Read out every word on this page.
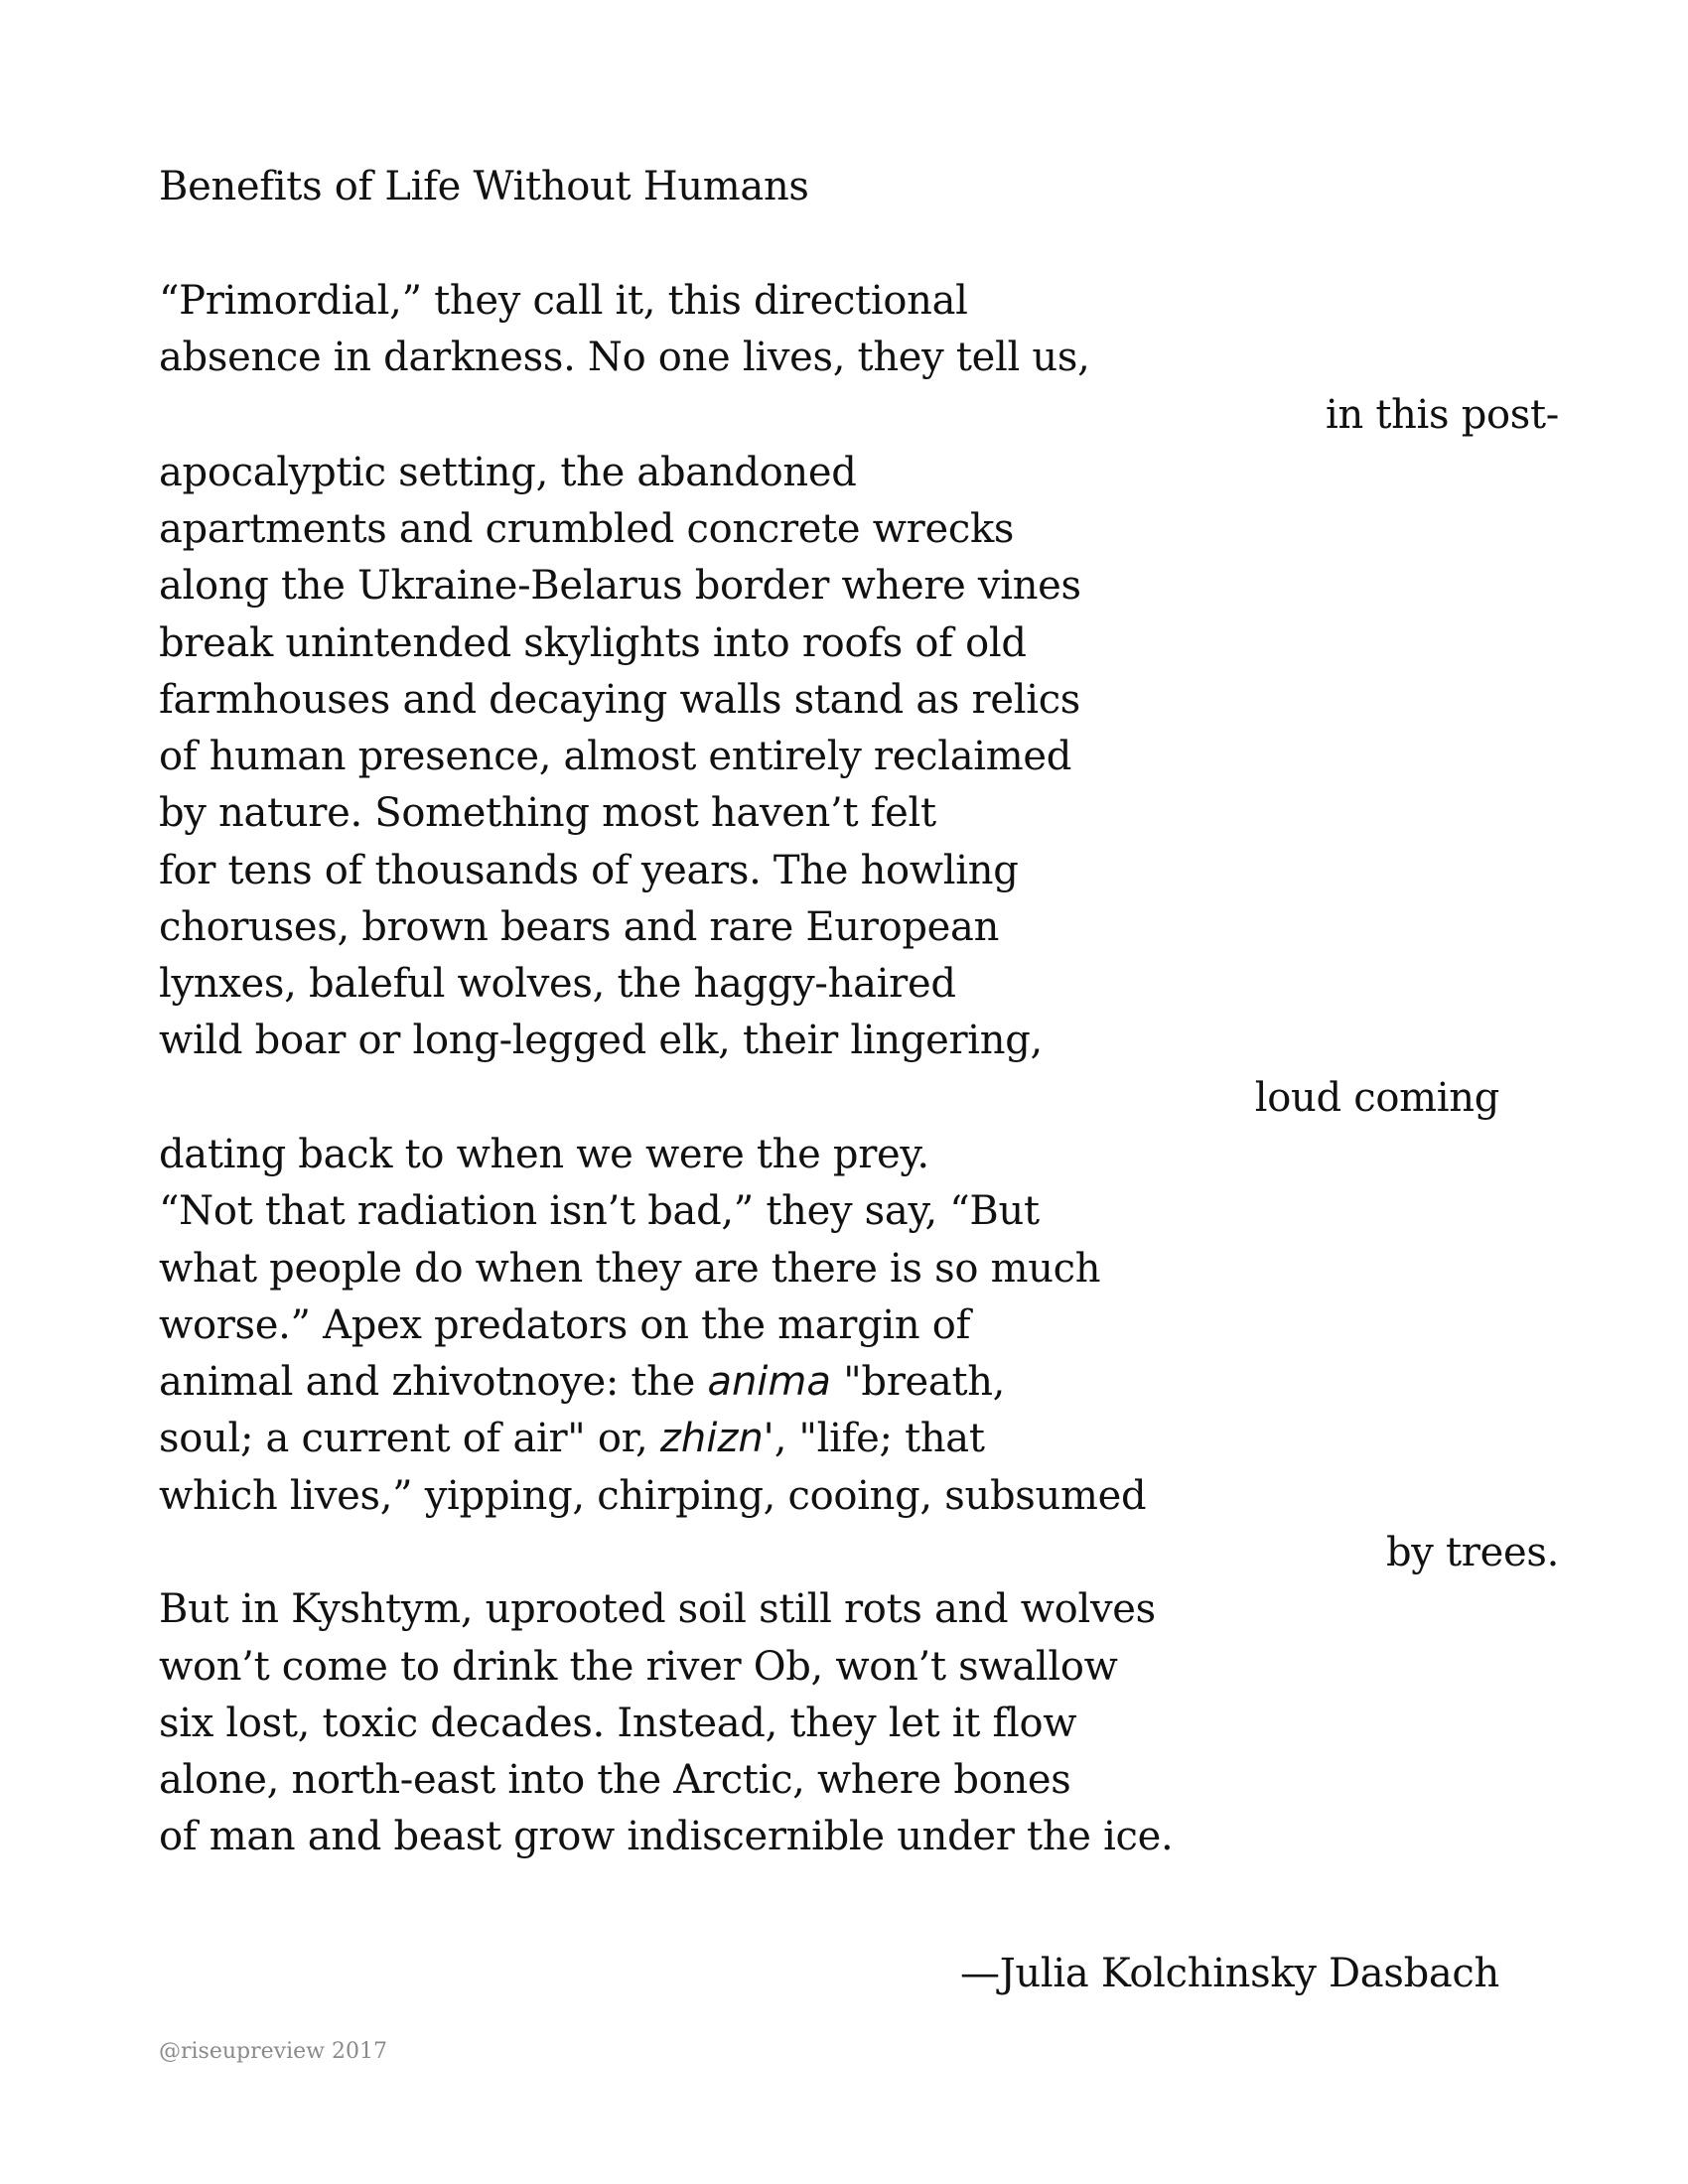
Benefits of Life Without Humans
“Primordial,” they call it, this directional
absence in darkness. No one lives, they tell us,
in this post-
apocalyptic setting, the abandoned
apartments and crumbled concrete wrecks
along the Ukraine-Belarus border where vines
break unintended skylights into roofs of old
farmhouses and decaying walls stand as relics
of human presence, almost entirely reclaimed
by nature. Something most haven’t felt
for tens of thousands of years. The howling
choruses, brown bears and rare European
lynxes, baleful wolves, the haggy-haired
wild boar or long-legged elk, their lingering,
loud coming
dating back to when we were the prey.
“Not that radiation isn’t bad,” they say, “But
what people do when they are there is so much
worse.” Apex predators on the margin of
animal and zhivotnoye: the anima "breath,
soul; a current of air" or, zhizn', "life; that
which lives,” yipping, chirping, cooing, subsumed
by trees.
But in Kyshtym, uprooted soil still rots and wolves
won’t come to drink the river Ob, won’t swallow
six lost, toxic decades. Instead, they let it flow
alone, north-east into the Arctic, where bones
of man and beast grow indiscernible under the ice.
—Julia Kolchinsky Dasbach
@riseupreview 2017
